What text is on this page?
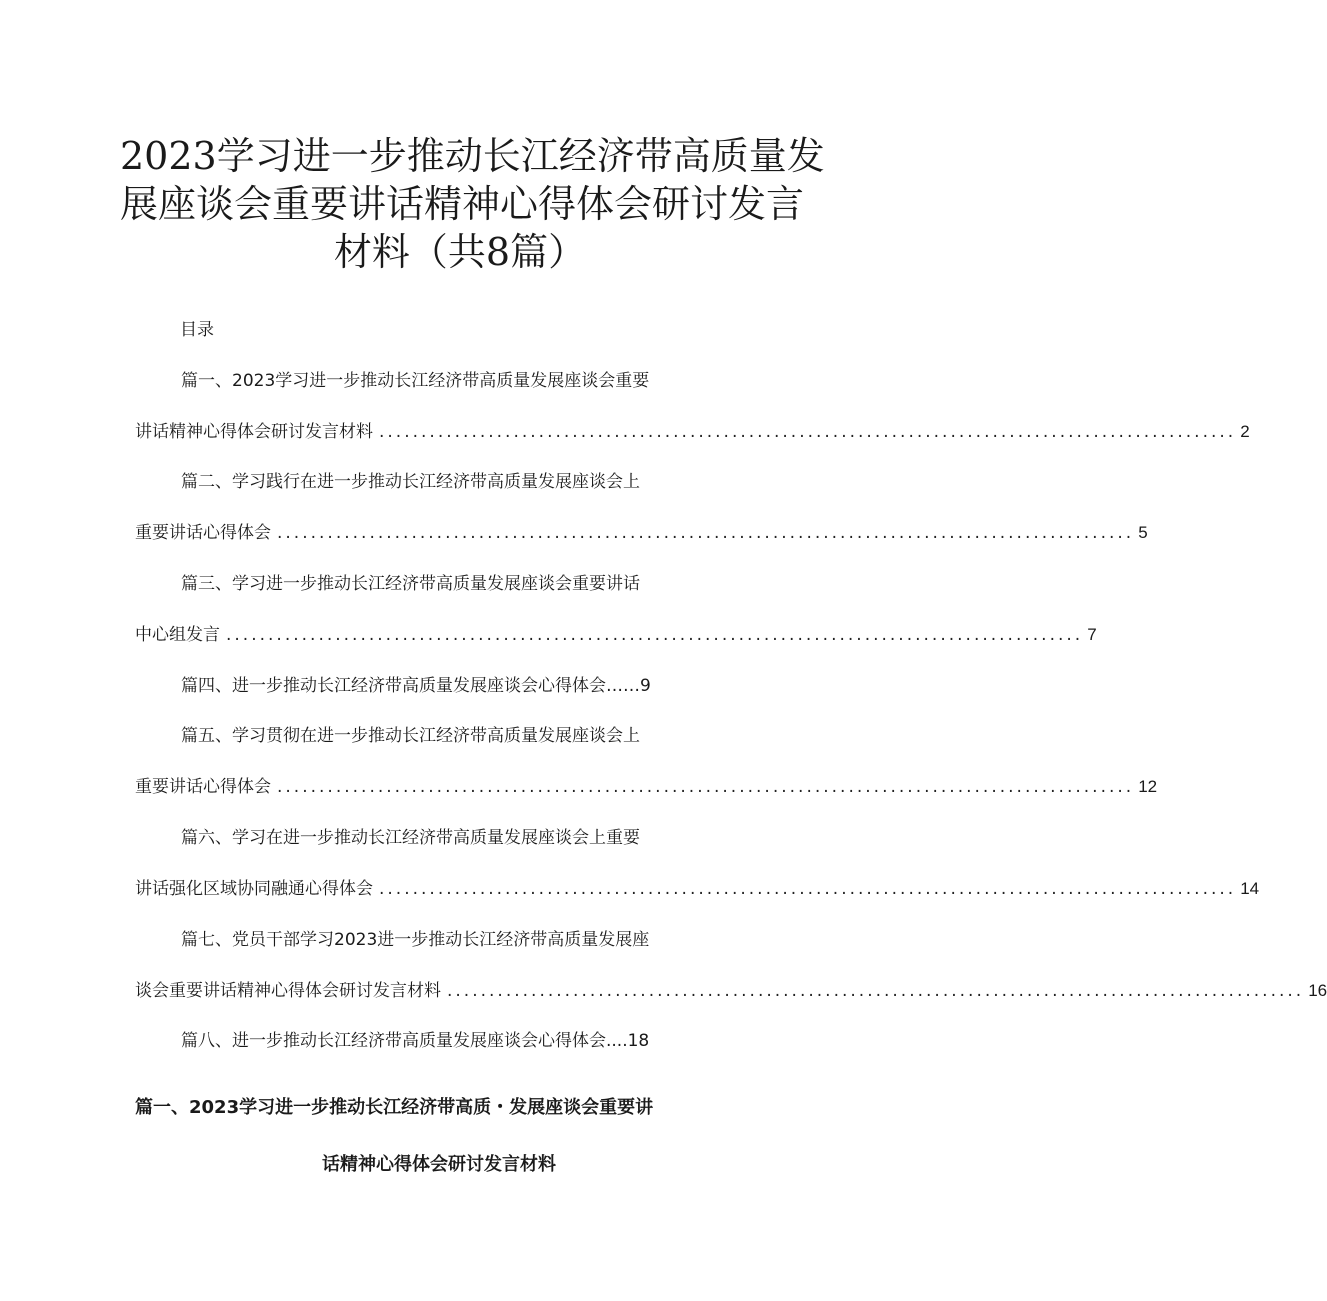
2023学习进一步推动长江经济带高质量发
展座谈会重要讲话精神心得体会研讨发言
材料（共8篇）
目录
篇一、2023学习进一步推动长江经济带高质量发展座谈会重要
讲话精神心得体会研讨发言材料 ...................................................................................................... 2
篇二、学习践行在进一步推动长江经济带高质量发展座谈会上
重要讲话心得体会 ...................................................................................................... 5
篇三、学习进一步推动长江经济带高质量发展座谈会重要讲话
中心组发言 ...................................................................................................... 7
篇四、进一步推动长江经济带高质量发展座谈会心得体会……9
篇五、学习贯彻在进一步推动长江经济带高质量发展座谈会上
重要讲话心得体会 ...................................................................................................... 12
篇六、学习在进一步推动长江经济带高质量发展座谈会上重要
讲话强化区域协同融通心得体会 ...................................................................................................... 14
篇七、党员干部学习2023进一步推动长江经济带高质量发展座
谈会重要讲话精神心得体会研讨发言材料 ...................................................................................................... 16
篇八、进一步推动长江经济带高质量发展座谈会心得体会....18
篇一、2023学习进一步推动长江经济带高质・发展座谈会重要讲
话精神心得体会研讨发言材料
